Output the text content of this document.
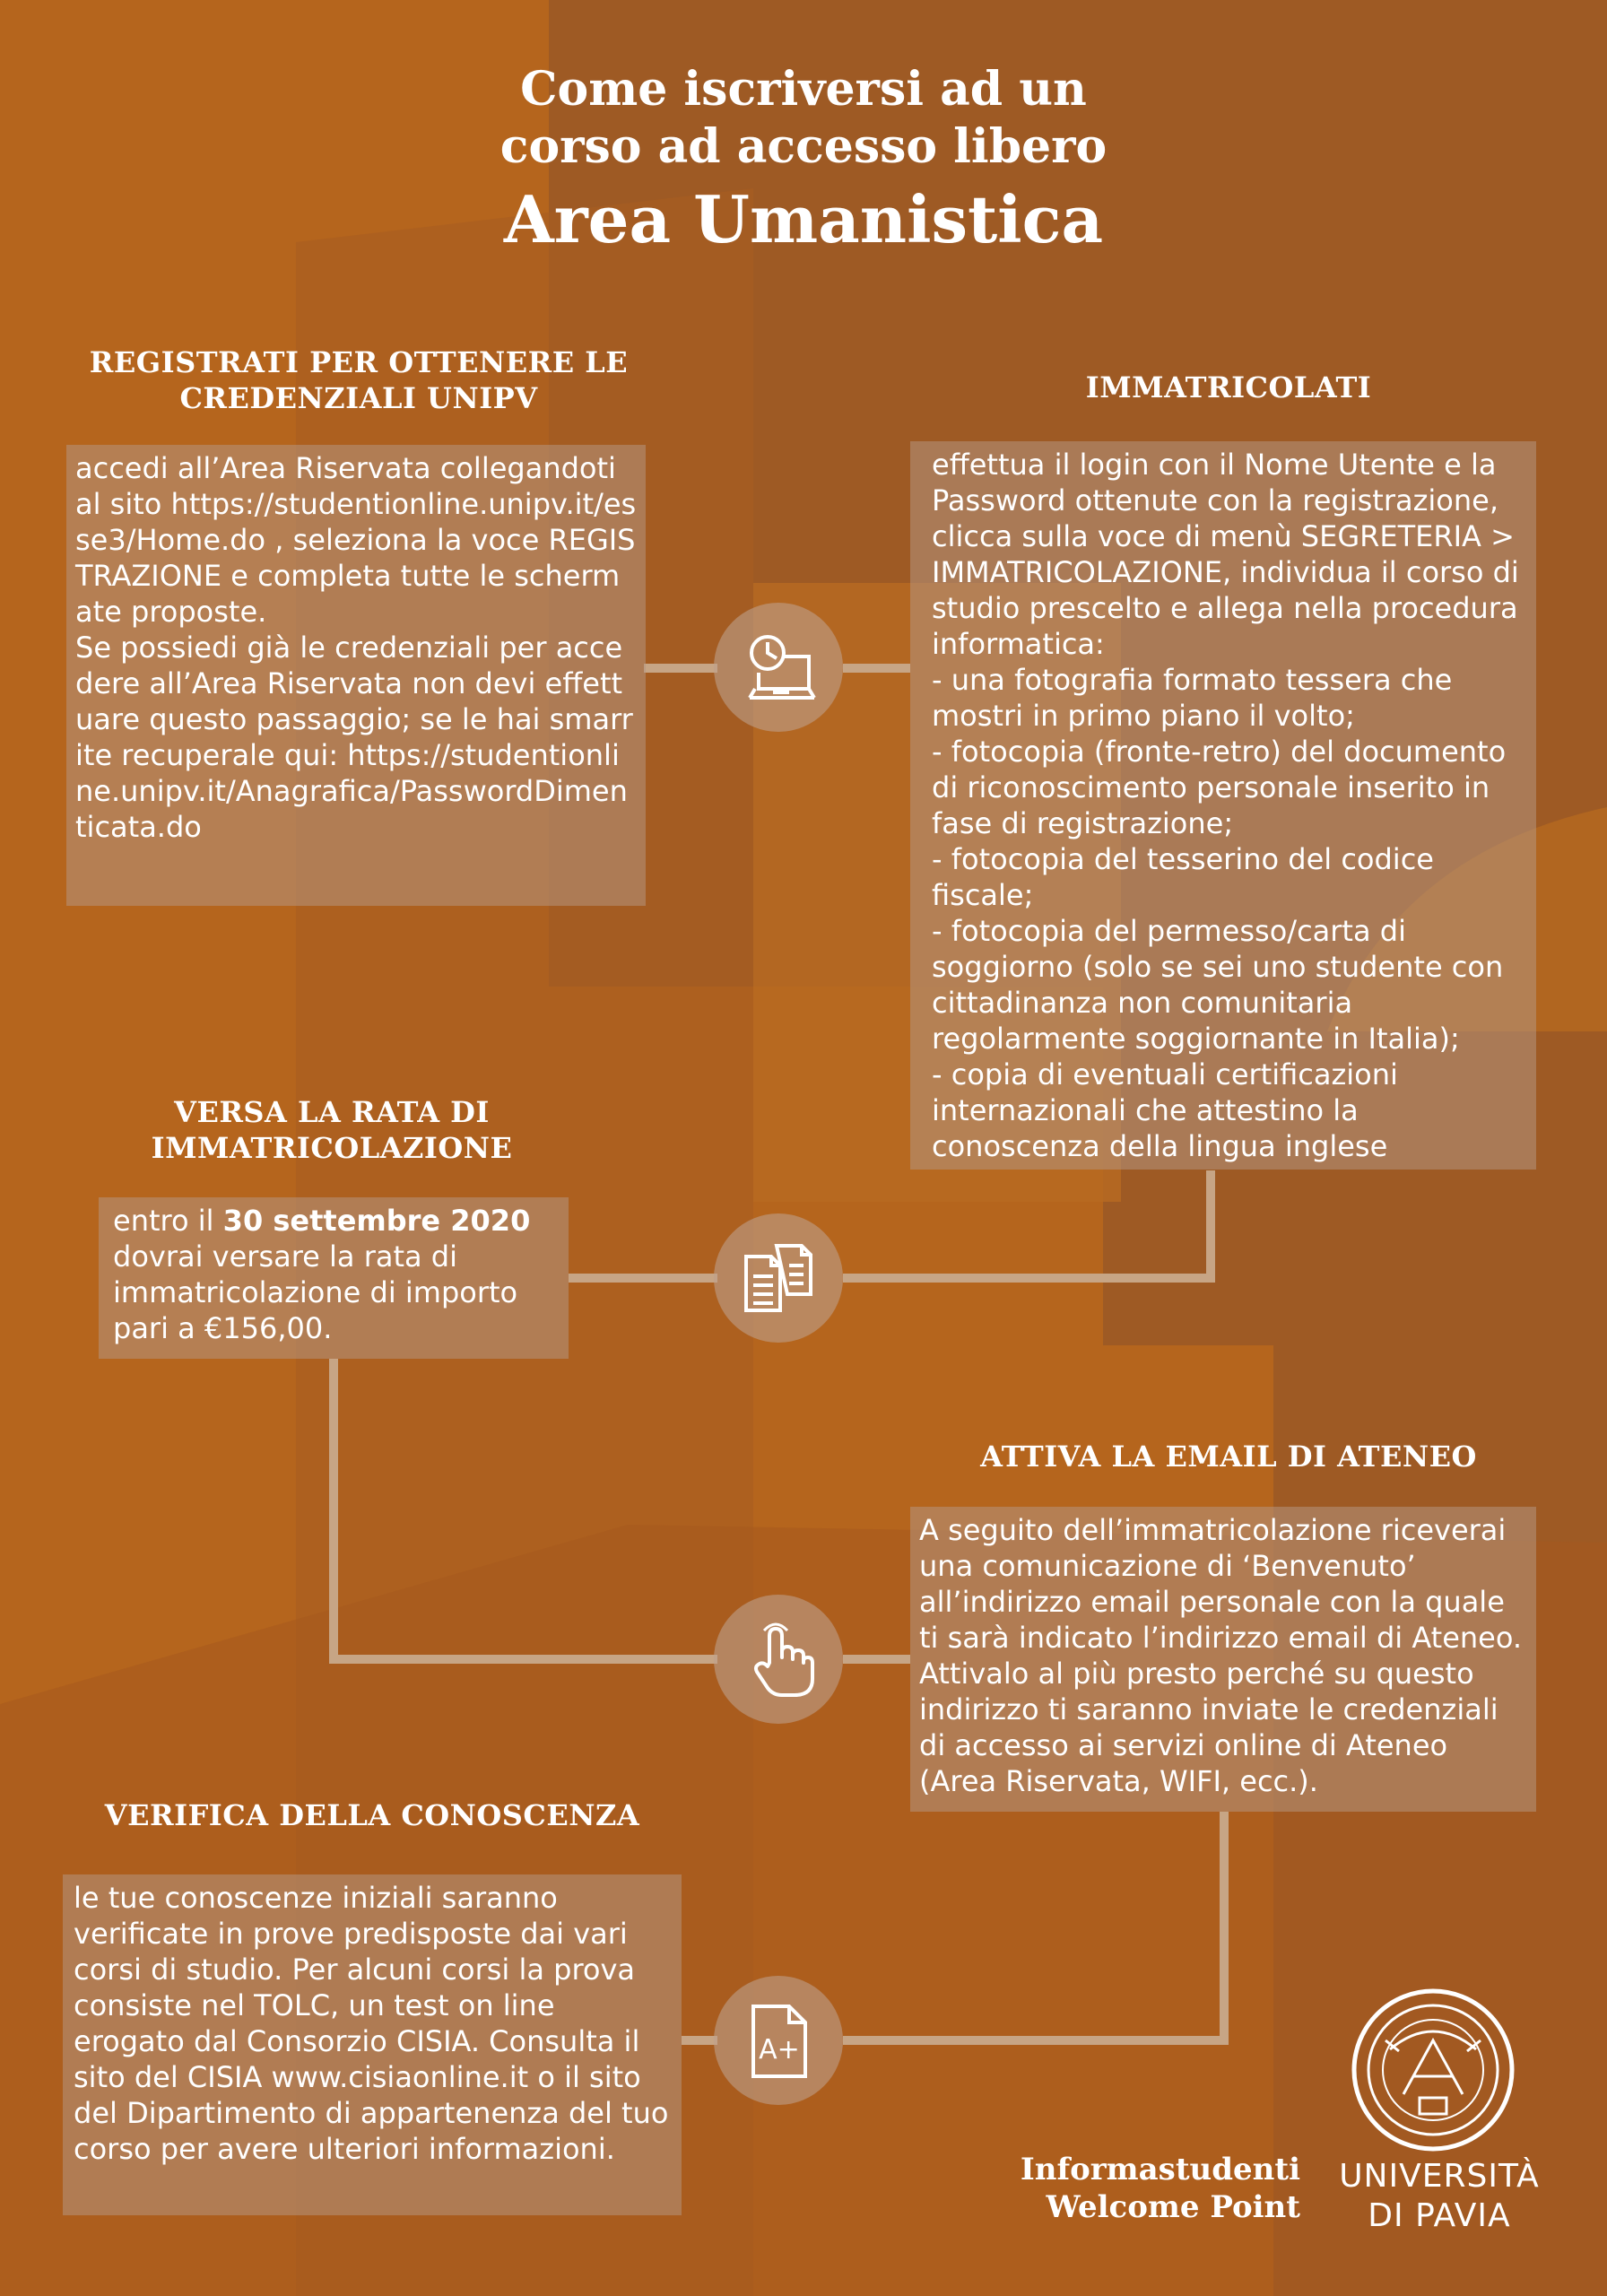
Come iscriversi ad un
corso ad accesso libero
Area Umanistica
REGISTRATI PER OTTENERE LE
CREDENZIALI UNIPV
accedi all’Area Riservata collegandoti al sito https://studentionline.unipv.it/esse3/Home.do , seleziona la voce REGISTRAZIONE e completa tutte le schermate proposte.
Se possiedi già le credenziali per accedere all’Area Riservata non devi effettuare questo passaggio; se le hai smarrite recuperale qui: https://studentionline.unipv.it/Anagrafica/PasswordDimenticata.do
IMMATRICOLATI
effettua il login con il Nome Utente e la Password ottenute con la registrazione, clicca sulla voce di menù SEGRETERIA > IMMATRICOLAZIONE, individua il corso di studio prescelto e allega nella procedura informatica:
- una fotografia formato tessera che mostri in primo piano il volto;
- fotocopia (fronte-retro) del documento di riconoscimento personale inserito in fase di registrazione;
- fotocopia del tesserino del codice fiscale;
- fotocopia del permesso/carta di soggiorno (solo se sei uno studente con cittadinanza non comunitaria regolarmente soggiornante in Italia);
- copia di eventuali certificazioni internazionali che attestino la conoscenza della lingua inglese
VERSA LA RATA DI
IMMATRICOLAZIONE
entro il 30 settembre 2020 dovrai versare la rata di immatricolazione di importo pari a €156,00.
ATTIVA LA EMAIL DI ATENEO
A seguito dell’immatricolazione riceverai una comunicazione di ‘Benvenuto’ all’indirizzo email personale con la quale ti sarà indicato l’indirizzo email di Ateneo. Attivalo al più presto perché su questo indirizzo ti saranno inviate le credenziali di accesso ai servizi online di Ateneo (Area Riservata, WIFI, ecc.).
VERIFICA DELLA CONOSCENZA
le tue conoscenze iniziali saranno verificate in prove predisposte dai vari corsi di studio. Per alcuni corsi la prova consiste nel TOLC, un test on line erogato dal Consorzio CISIA. Consulta il sito del CISIA www.cisiaonline.it o il sito del Dipartimento di appartenenza del tuo corso per avere ulteriori informazioni.
A+
Informastudenti
Welcome Point
UNIVERSITÀ
DI PAVIA
